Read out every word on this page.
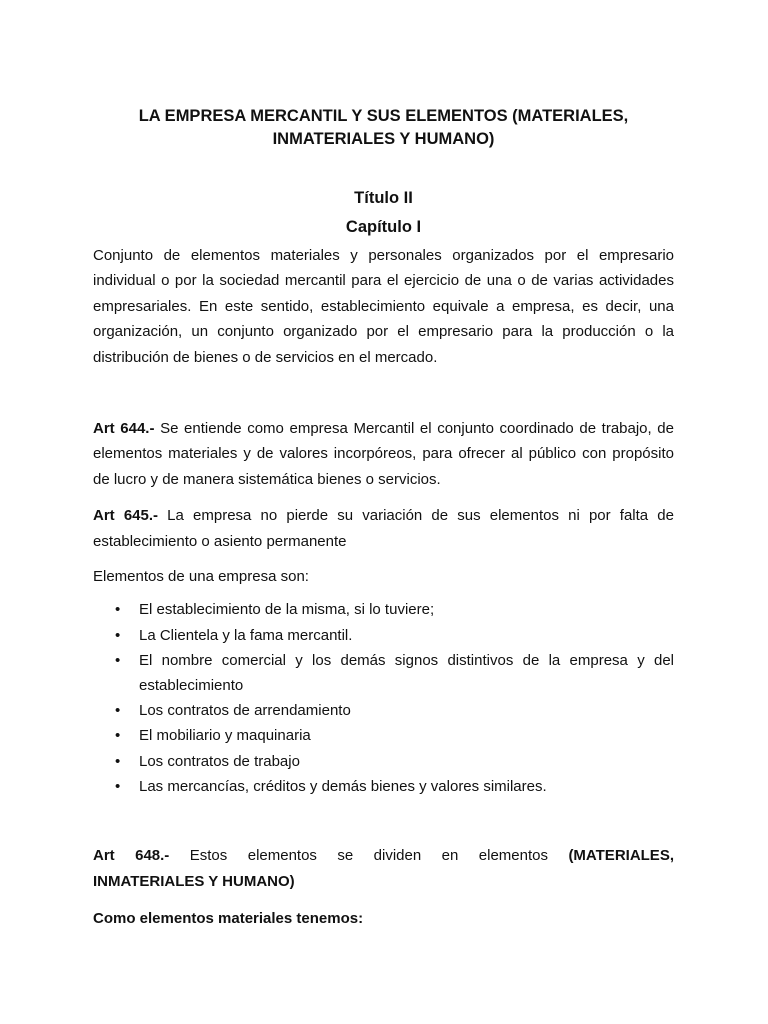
LA EMPRESA MERCANTIL Y SUS ELEMENTOS (MATERIALES,
INMATERIALES Y HUMANO)
Título II
Capítulo I

Conjunto de elementos materiales y personales organizados por el empresario individual o por la sociedad mercantil para el ejercicio de una o de varias actividades empresariales. En este sentido, establecimiento equivale a empresa, es decir, una organización, un conjunto organizado por el empresario para la producción o la distribución de bienes o de servicios en el mercado.

Art 644.- Se entiende como empresa Mercantil el conjunto coordinado de trabajo, de elementos materiales y de valores incorpóreos, para ofrecer al público con propósito de lucro y de manera sistemática bienes o servicios.

Art 645.- La empresa no pierde su variación de sus elementos ni por falta de establecimiento o asiento permanente

Elementos de una empresa son:

• El establecimiento de la misma, si lo tuviere;
• La Clientela y la fama mercantil.
• El nombre comercial y los demás signos distintivos de la empresa y del establecimiento
• Los contratos de arrendamiento
• El mobiliario y maquinaria
• Los contratos de trabajo
• Las mercancías, créditos y demás bienes y valores similares.

Art 648.- Estos elementos se dividen en elementos (MATERIALES,
INMATERIALES Y HUMANO)

Como elementos materiales tenemos:
